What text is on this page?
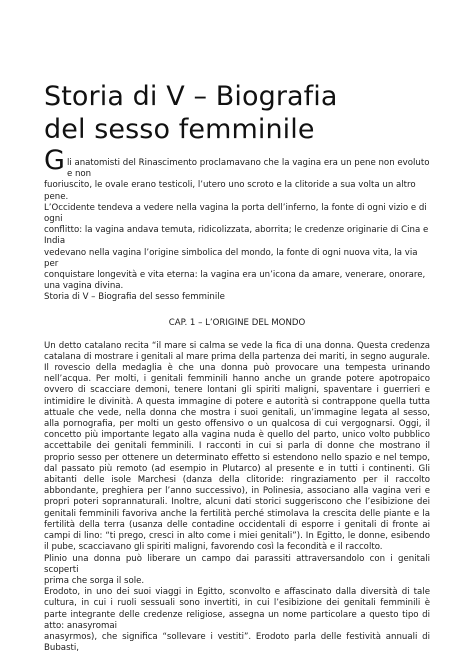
Storia di V – Biografia
del sesso femminile
G li anatomisti del Rinascimento proclamavano che la vagina era un pene non evoluto e non

fuoriuscito, le ovale erano testicoli, l’utero uno scroto e la clitoride a sua volta un altro pene.

L’Occidente tendeva a vedere nella vagina la porta dell’inferno, la fonte di ogni vizio e di ogni

conflitto: la vagina andava temuta, ridicolizzata, aborrita; le credenze originarie di Cina e India

vedevano nella vagina l’origine simbolica del mondo, la fonte di ogni nuova vita, la via per

conquistare longevità e vita eterna: la vagina era un’icona da amare, venerare, onorare, una vagina divina.

Storia di V – Biografia del sesso femminile

CAP. 1 – L’ORIGINE DEL MONDO

Un detto catalano recita “il mare si calma se vede la fica di una donna. Questa credenza catalana di mostrare i genitali al mare prima della partenza dei mariti, in segno augurale. Il rovescio della medaglia è che una donna può provocare una tempesta urinando nell’acqua. Per molti, i genitali femminili hanno anche un grande potere apotropaico ovvero di scacciare demoni, tenere lontani gli spiriti maligni, spaventare i guerrieri e intimidire le divinità. A questa immagine di potere e autorità si contrappone quella tutta attuale che vede, nella donna che mostra i suoi genitali, un’immagine legata al sesso, alla pornografia, per molti un gesto offensivo o un qualcosa di cui vergognarsi. Oggi, il concetto più importante legato alla vagina nuda è quello del parto, unico volto pubblico accettabile dei genitali femminili. I racconti in cui si parla di donne che mostrano il proprio sesso per ottenere un determinato effetto si estendono nello spazio e nel tempo, dal passato più remoto (ad esempio in Plutarco) al presente e in tutti i continenti. Gli abitanti delle isole Marchesi (danza della clitoride: ringraziamento per il raccolto abbondante, preghiera per l’anno successivo), in Polinesia, associano alla vagina veri e propri poteri soprannaturali. Inoltre, alcuni dati storici suggeriscono che l’esibizione dei genitali femminili favoriva anche la fertilità perché stimolava la crescita delle piante e la fertilità della terra (usanza delle contadine occidentali di esporre i genitali di fronte ai campi di lino: “ti prego, cresci in alto come i miei genitali”). In Egitto, le donne, esibendo il pube, scacciavano gli spiriti maligni, favorendo così la fecondità e il raccolto.

Plinio una donna può liberare un campo dai parassiti attraversandolo con i genitali scoperti

prima che sorga il sole.

Erodoto, in uno dei suoi viaggi in Egitto, sconvolto e affascinato dalla diversità di tale cultura, in cui i ruoli sessuali sono invertiti, in cui l’esibizione dei genitali femminili è parte integrante delle credenze religiose, assegna un nome particolare a questo tipo di atto: anasyromai

anasyrmos), che significa “sollevare i vestiti”. Erodoto parla delle festività annuali di Bubasti,
